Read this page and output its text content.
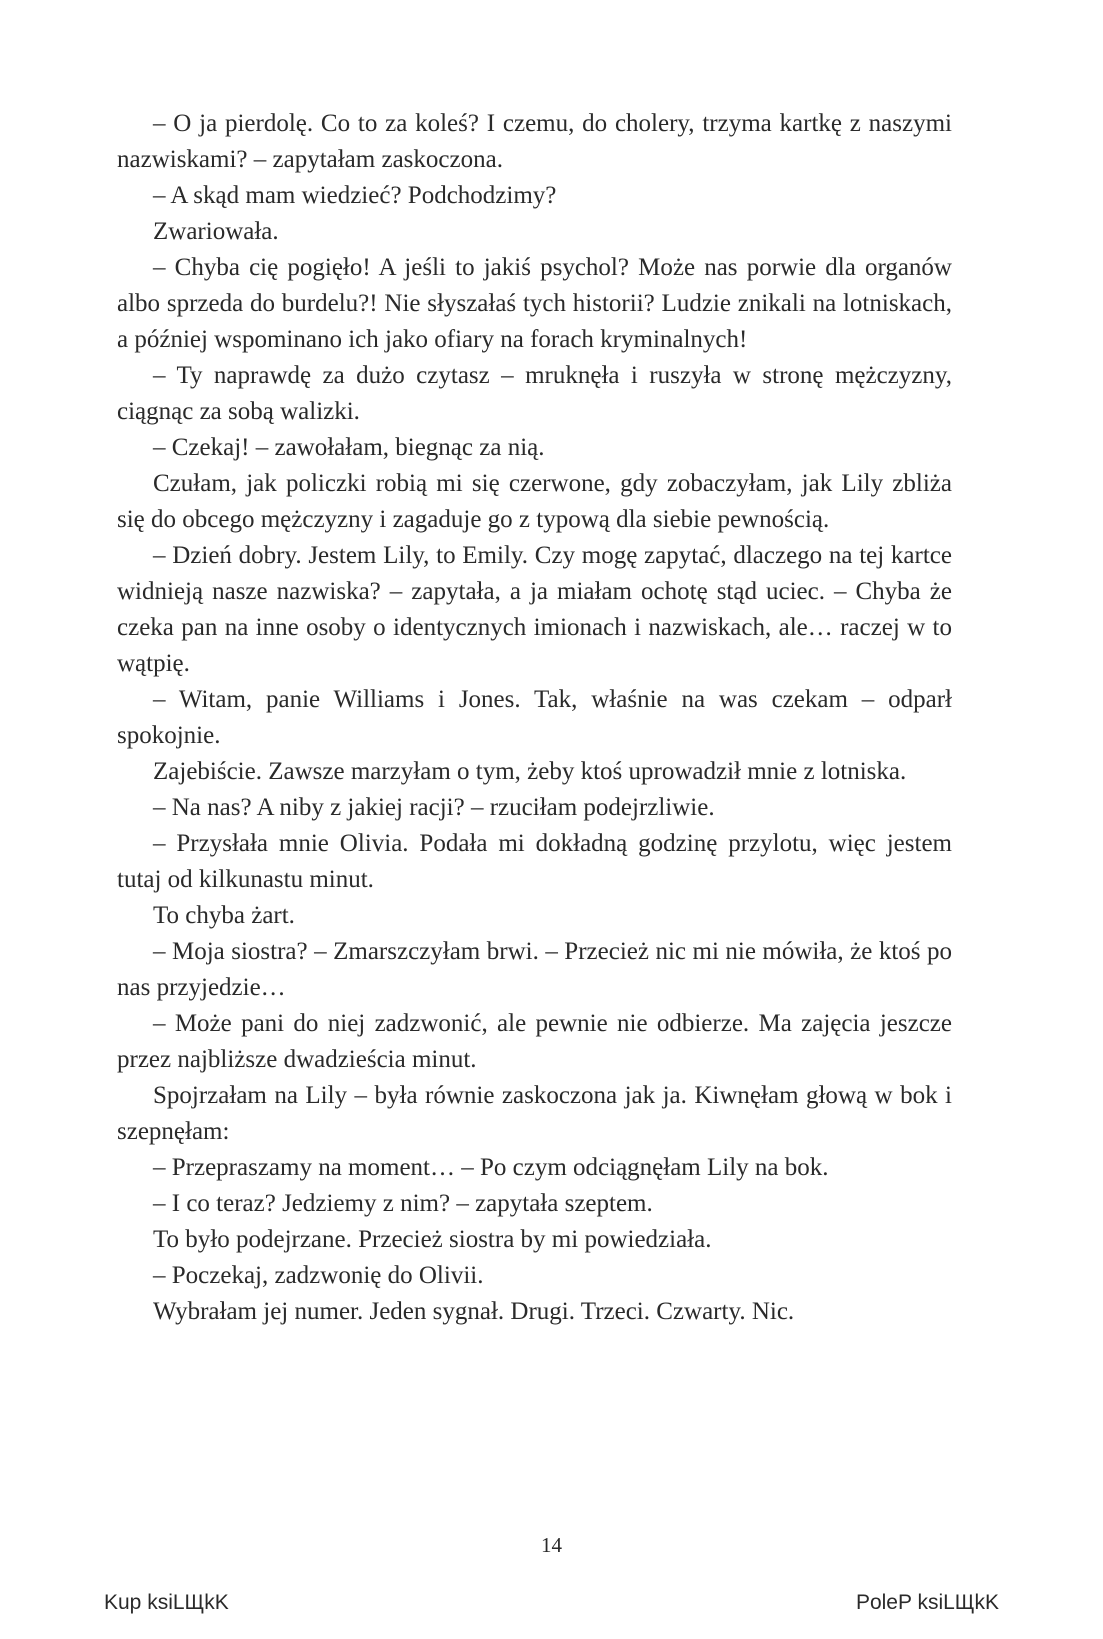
– O ja pierdolę. Co to za koleś? I czemu, do cholery, trzyma kartkę z naszymi nazwiskami? – zapytałam zaskoczona.

– A skąd mam wiedzieć? Podchodzimy?

Zwariowała.

– Chyba cię pogięło! A jeśli to jakiś psychol? Może nas porwie dla organów albo sprzeda do burdelu?! Nie słyszałaś tych historii? Ludzie znikali na lotniskach, a później wspominano ich jako ofiary na forach kryminalnych!

– Ty naprawdę za dużo czytasz – mruknęła i ruszyła w stronę mężczyzny, ciągnąc za sobą walizki.

– Czekaj! – zawołałam, biegnąc za nią.

Czułam, jak policzki robią mi się czerwone, gdy zobaczyłam, jak Lily zbliża się do obcego mężczyzny i zagaduje go z typową dla siebie pewnością.

– Dzień dobry. Jestem Lily, to Emily. Czy mogę zapytać, dlaczego na tej kartce widnieją nasze nazwiska? – zapytała, a ja miałam ochotę stąd uciec. – Chyba że czeka pan na inne osoby o identycznych imionach i nazwiskach, ale… raczej w to wątpię.

– Witam, panie Williams i Jones. Tak, właśnie na was czekam – odparł spokojnie.

Zajebiście. Zawsze marzyłam o tym, żeby ktoś uprowadził mnie z lotniska.

– Na nas? A niby z jakiej racji? – rzuciłam podejrzliwie.

– Przysłała mnie Olivia. Podała mi dokładną godzinę przylotu, więc jestem tutaj od kilkunastu minut.

To chyba żart.

– Moja siostra? – Zmarszczyłam brwi. – Przecież nic mi nie mówiła, że ktoś po nas przyjedzie…

– Może pani do niej zadzwonić, ale pewnie nie odbierze. Ma zajęcia jeszcze przez najbliższe dwadzieścia minut.

Spojrzałam na Lily – była równie zaskoczona jak ja. Kiwnęłam głową w bok i szepnęłam:

– Przepraszamy na moment… – Po czym odciągnęłam Lily na bok.

– I co teraz? Jedziemy z nim? – zapytała szeptem.

To było podejrzane. Przecież siostra by mi powiedziała.

– Poczekaj, zadzwonię do Olivii.

Wybrałam jej numer. Jeden sygnał. Drugi. Trzeci. Czwarty. Nic.

14
Kup ksiLЩkK	PoleP ksiLЩkK
